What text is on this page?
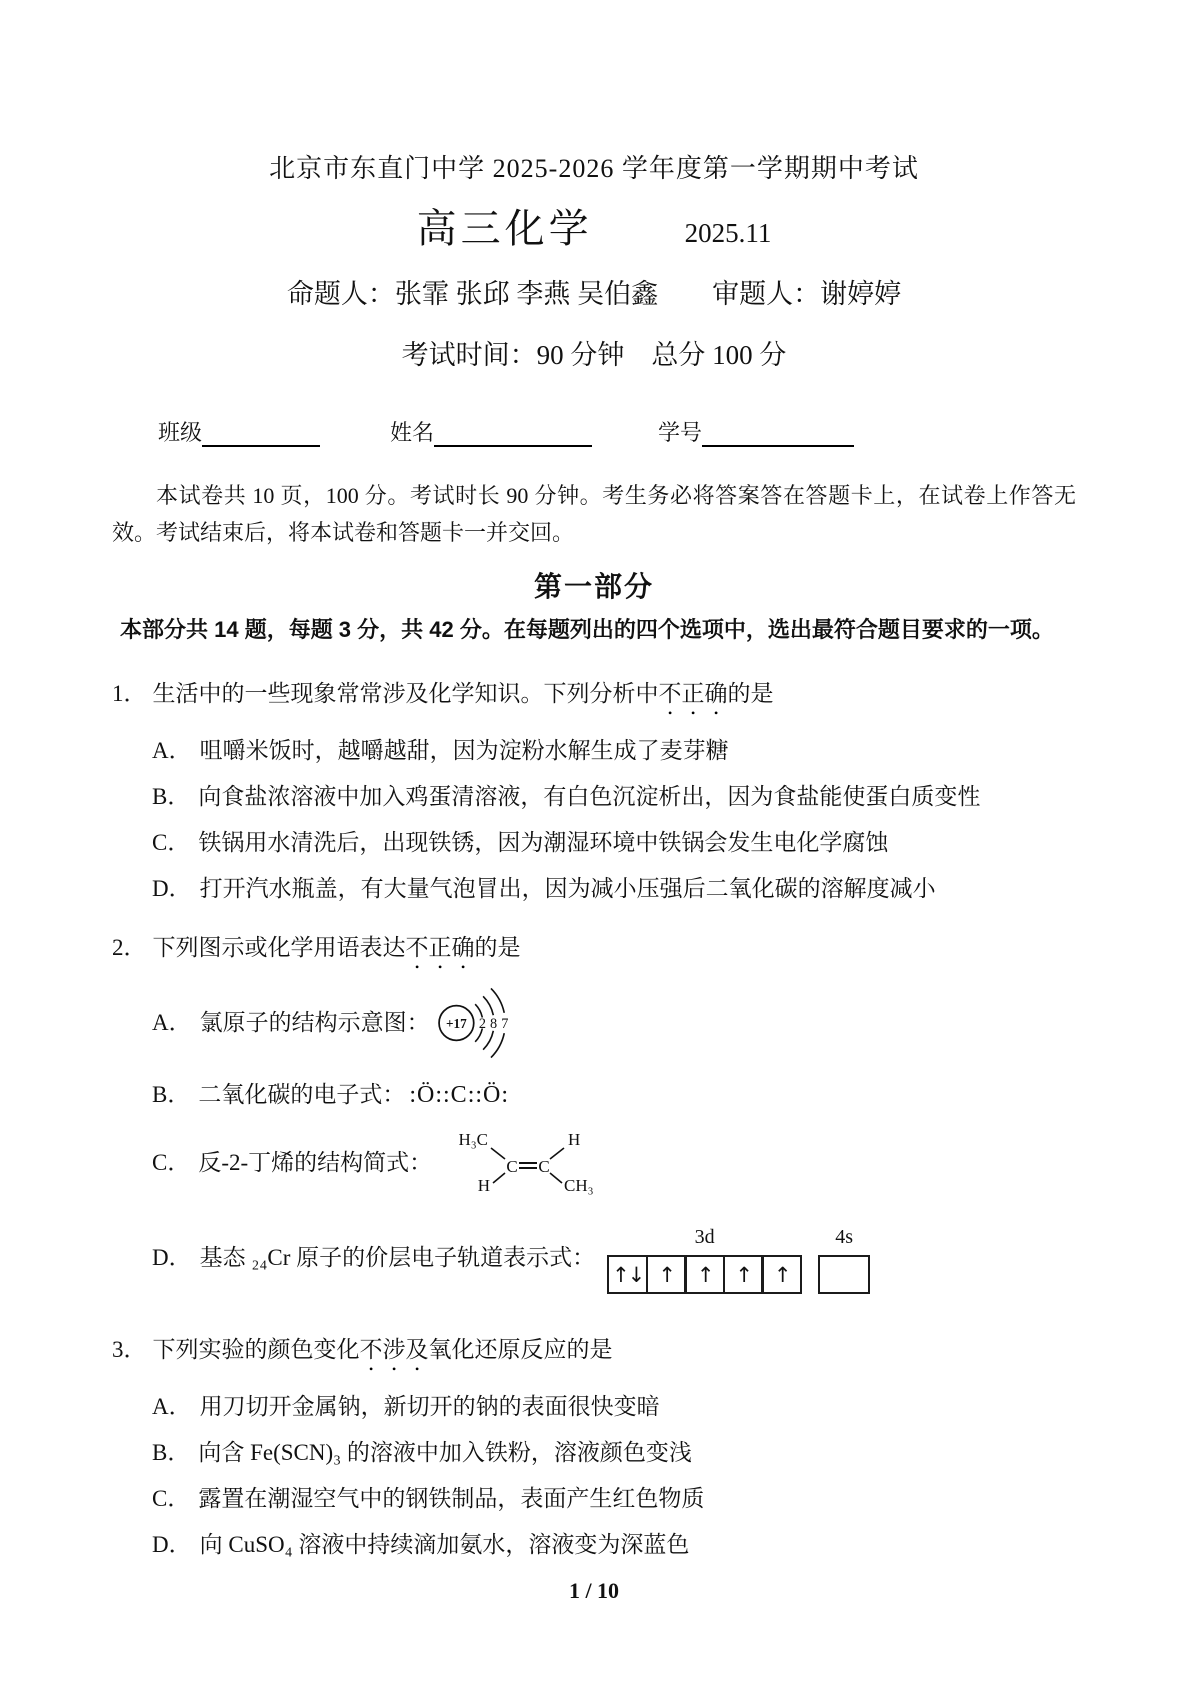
北京市东直门中学 2025-2026 学年度第一学期期中考试
高三化学	2025.11
命题人：张霏 张邱 李燕 吴伯鑫　　审题人：谢婷婷
考试时间：90 分钟　总分 100 分
班级	姓名	学号
本试卷共 10 页，100 分。考试时长 90 分钟。考生务必将答案答在答题卡上，在试卷上作答无效。考试结束后，将本试卷和答题卡一并交回。
第一部分
本部分共 14 题，每题 3 分，共 42 分。在每题列出的四个选项中，选出最符合题目要求的一项。
1． 生活中的一些现象常常涉及化学知识。下列分析中不正确的是
A． 咀嚼米饭时，越嚼越甜，因为淀粉水解生成了麦芽糖
B． 向食盐浓溶液中加入鸡蛋清溶液，有白色沉淀析出，因为食盐能使蛋白质变性
C． 铁锅用水清洗后，出现铁锈，因为潮湿环境中铁锅会发生电化学腐蚀
D． 打开汽水瓶盖，有大量气泡冒出，因为减小压强后二氧化碳的溶解度减小
2． 下列图示或化学用语表达不正确的是
A． 氯原子的结构示意图： +17 2 8 7
B． 二氧化碳的电子式： :Ö::C::Ö:
C． 反-2-丁烯的结构简式：
H₃C	H
H	CH₃
C C
D． 基态 ₂₄Cr 原子的价层电子轨道表示式：
3d
↑↓ ↑	↑	↑	↑
4s
3． 下列实验的颜色变化不涉及氧化还原反应的是
A． 用刀切开金属钠，新切开的钠的表面很快变暗
B． 向含 Fe(SCN)₃ 的溶液中加入铁粉，溶液颜色变浅
C． 露置在潮湿空气中的钢铁制品，表面产生红色物质
D． 向 CuSO₄ 溶液中持续滴加氨水，溶液变为深蓝色
1 / 10
